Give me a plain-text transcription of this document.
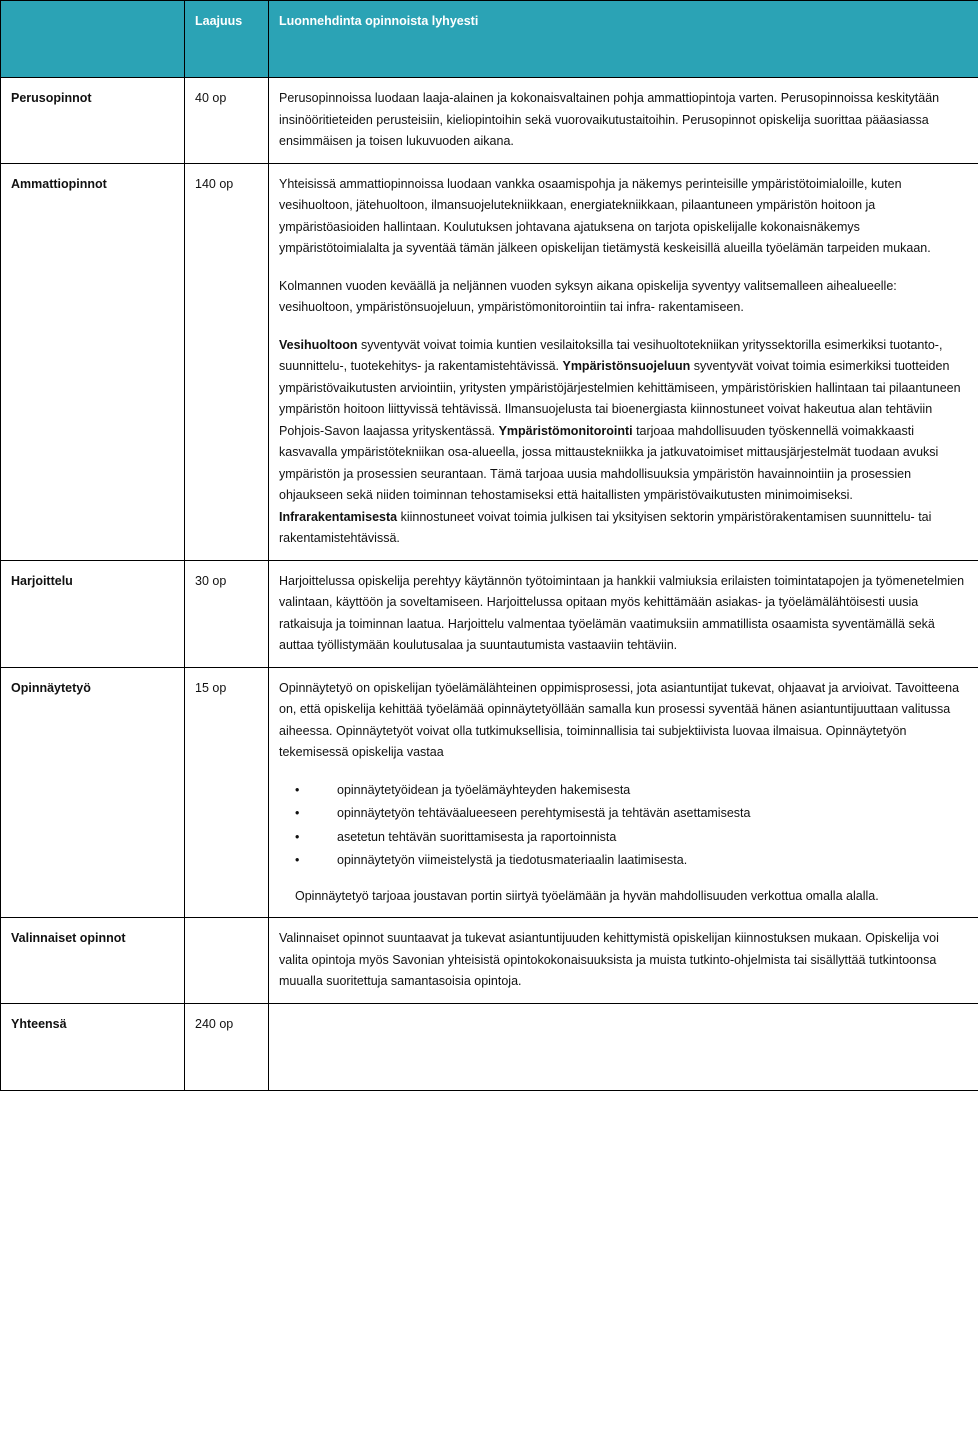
	Laajuus	Luonnehdinta opinnoista lyhyesti
Perusopinnot	40 op	Perusopinnoissa luodaan laaja-alainen ja kokonaisvaltainen pohja ammattiopintoja varten. Perusopinnoissa keskitytään insinööritieteiden perusteisiin, kieliopintoihin sekä vuorovaikutustaitoihin. Perusopinnot opiskelija suorittaa pääasiassa ensimmäisen ja toisen lukuvuoden aikana.

Ammattiopinnot	140 op	Yhteisissä ammattiopinnoissa luodaan vankka osaamispohja ja näkemys perinteisille ympäristötoimialoille, kuten vesihuoltoon, jätehuoltoon, ilmansuojelutekniikkaan, energiatekniikkaan, pilaantuneen ympäristön hoitoon ja ympäristöasioiden hallintaan. Koulutuksen johtavana ajatuksena on tarjota opiskelijalle kokonaisnäkemys ympäristötoimialalta ja syventää tämän jälkeen opiskelijan tietämystä keskeisillä alueilla työelämän tarpeiden mukaan.

Kolmannen vuoden keväällä ja neljännen vuoden syksyn aikana opiskelija syventyy valitsemalleen aihealueelle: vesihuoltoon, ympäristönsuojeluun, ympäristömonitorointiin tai infra- rakentamiseen.

Vesihuoltoon syventyvät voivat toimia kuntien vesilaitoksilla tai vesihuoltotekniikan yrityssektorilla esimerkiksi tuotanto-, suunnittelu-, tuotekehitys- ja rakentamistehtävissä. Ympäristönsuojeluun syventyvät voivat toimia esimerkiksi tuotteiden ympäristövaikutusten arviointiin, yritysten ympäristöjärjestelmien kehittämiseen, ympäristöriskien hallintaan tai pilaantuneen ympäristön hoitoon liittyvissä tehtävissä. Ilmansuojelusta tai bioenergiasta kiinnostuneet voivat hakeutua alan tehtäviin Pohjois-Savon laajassa yrityskentässä. Ympäristömonitorointi tarjoaa mahdollisuuden työskennellä voimakkaasti kasvavalla ympäristötekniikan osa-alueella, jossa mittaustekniikka ja jatkuvatoimiset mittausjärjestelmät tuodaan avuksi ympäristön ja prosessien seurantaan. Tämä tarjoaa uusia mahdollisuuksia ympäristön havainnointiin ja prosessien ohjaukseen sekä niiden toiminnan tehostamiseksi että haitallisten ympäristövaikutusten minimoimiseksi. Infrarakentamisesta kiinnostuneet voivat toimia julkisen tai yksityisen sektorin ympäristörakentamisen suunnittelu- tai rakentamistehtävissä.

Harjoittelu	30 op	Harjoittelussa opiskelija perehtyy käytännön työtoimintaan ja hankkii valmiuksia erilaisten toimintatapojen ja työmenetelmien valintaan, käyttöön ja soveltamiseen. Harjoittelussa opitaan myös kehittämään asiakas- ja työelämälähtöisesti uusia ratkaisuja ja toiminnan laatua. Harjoittelu valmentaa työelämän vaatimuksiin ammatillista osaamista syventämällä sekä auttaa työllistymään koulutusalaa ja suuntautumista vastaaviin tehtäviin.

Opinnäytetyö	15 op	Opinnäytetyö on opiskelijan työelämälähteinen oppimisprosessi, jota asiantuntijat tukevat, ohjaavat ja arvioivat. Tavoitteena on, että opiskelija kehittää työelämää opinnäytetyöllään samalla kun prosessi syventää hänen asiantuntijuuttaan valitussa aiheessa. Opinnäytetyöt voivat olla tutkimuksellisia, toiminnallisia tai subjektiivista luovaa ilmaisua. Opinnäytetyön tekemisessä opiskelija vastaa

• opinnäytetyöidean ja työelämäyhteyden hakemisesta
• opinnäytetyön tehtäväalueeseen perehtymisestä ja tehtävän asettamisesta
• asetetun tehtävän suorittamisesta ja raportoinnista
• opinnäytetyön viimeistelystä ja tiedotusmateriaalin laatimisesta.

Opinnäytetyö tarjoaa joustavan portin siirtyä työelämään ja hyvän mahdollisuuden verkottua omalla alalla.

Valinnaiset opinnot		Valinnaiset opinnot suuntaavat ja tukevat asiantuntijuuden kehittymistä opiskelijan kiinnostuksen mukaan. Opiskelija voi valita opintoja myös Savonian yhteisistä opintokokonaisuuksista ja muista tutkinto-ohjelmista tai sisällyttää tutkintoonsa muualla suoritettuja samantasoisia opintoja.

Yhteensä	240 op	
